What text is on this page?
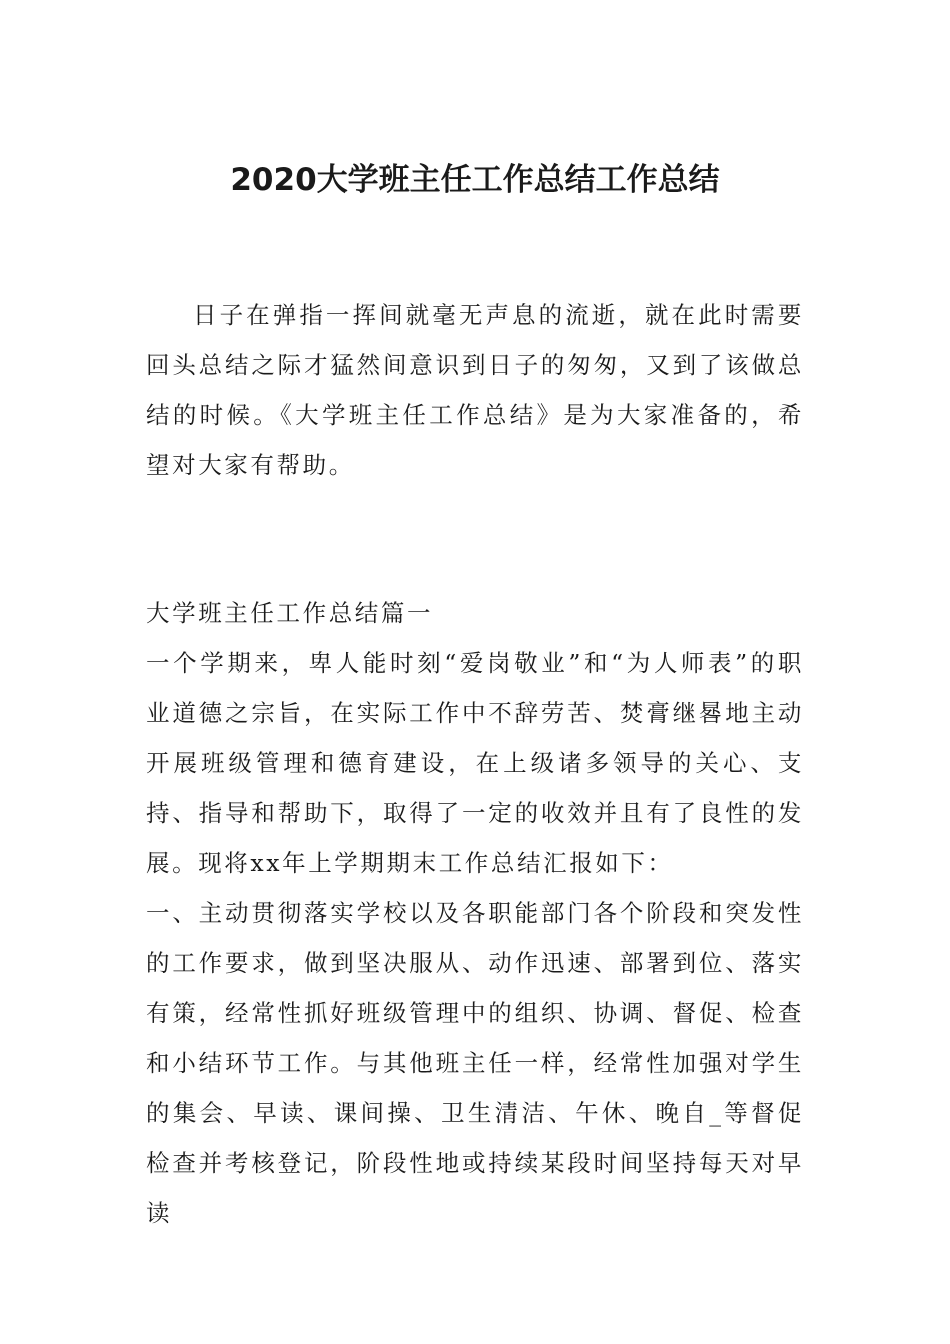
2020大学班主任工作总结工作总结

日子在弹指一挥间就毫无声息的流逝，就在此时需要回头总结之际才猛然间意识到日子的匆匆，又到了该做总结的时候。《大学班主任工作总结》是为大家准备的，希望对大家有帮助。

大学班主任工作总结篇一

一个学期来，卑人能时刻“爱岗敬业”和“为人师表”的职业道德之宗旨，在实际工作中不辞劳苦、焚膏继晷地主动开展班级管理和德育建设，在上级诸多领导的关心、支持、指导和帮助下，取得了一定的收效并且有了良性的发展。现将xx年上学期期末工作总结汇报如下：

一、主动贯彻落实学校以及各职能部门各个阶段和突发性的工作要求，做到坚决服从、动作迅速、部署到位、落实有策，经常性抓好班级管理中的组织、协调、督促、检查和小结环节工作。与其他班主任一样，经常性加强对学生的集会、早读、课间操、卫生清洁、午休、晚自_等督促检查并考核登记，阶段性地或持续某段时间坚持每天对早读
